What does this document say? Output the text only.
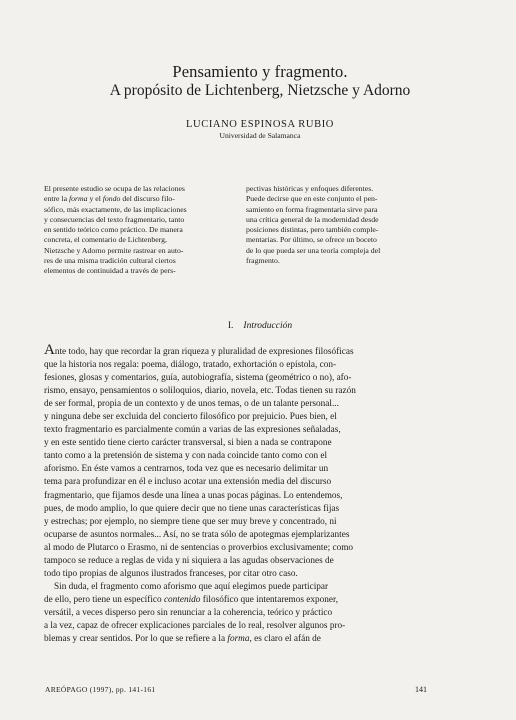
Pensamiento y fragmento.
A propósito de Lichtenberg, Nietzsche y Adorno
LUCIANO ESPINOSA RUBIO
Universidad de Salamanca

El presente estudio se ocupa de las relaciones

entre la forma y el fondo del discurso filo-

sófico, más exactamente, de las implicaciones

y consecuencias del texto fragmentario, tanto

en sentido teórico como práctico. De manera

concreta, el comentario de Lichtenberg,

Nietzsche y Adorno permite rastrear en auto-

res de una misma tradición cultural ciertos

elementos de continuidad a través de pers-

pectivas históricas y enfoques diferentes.

Puede decirse que en este conjunto el pen-

samiento en forma fragmentaria sirve para

una crítica general de la modernidad desde

posiciones distintas, pero también comple-

mentarias. Por último, se ofrece un boceto

de lo que pueda ser una teoría compleja del

fragmento.

I. Introducción

Ante todo, hay que recordar la gran riqueza y pluralidad de expresiones filosóficas

que la historia nos regala: poema, diálogo, tratado, exhortación o epístola, con-

fesiones, glosas y comentarios, guía, autobiografía, sistema (geométrico o no), afo-

rismo, ensayo, pensamientos o soliloquios, diario, novela, etc. Todas tienen su razón

de ser formal, propia de un contexto y de unos temas, o de un talante personal...

y ninguna debe ser excluida del concierto filosófico por prejuicio. Pues bien, el

texto fragmentario es parcialmente común a varias de las expresiones señaladas,

y en este sentido tiene cierto carácter transversal, si bien a nada se contrapone

tanto como a la pretensión de sistema y con nada coincide tanto como con el

aforismo. En éste vamos a centrarnos, toda vez que es necesario delimitar un

tema para profundizar en él e incluso acotar una extensión media del discurso

fragmentario, que fijamos desde una línea a unas pocas páginas. Lo entendemos,

pues, de modo amplio, lo que quiere decir que no tiene unas características fijas

y estrechas; por ejemplo, no siempre tiene que ser muy breve y concentrado, ni

ocuparse de asuntos normales... Así, no se trata sólo de apotegmas ejemplarizantes

al modo de Plutarco o Erasmo, ni de sentencias o proverbios exclusivamente; como

tampoco se reduce a reglas de vida y ni siquiera a las agudas observaciones de

todo tipo propias de algunos ilustrados franceses, por citar otro caso.

Sin duda, el fragmento como aforismo que aquí elegimos puede participar

de ello, pero tiene un específico contenido filosófico que intentaremos exponer,

versátil, a veces disperso pero sin renunciar a la coherencia, teórico y práctico

a la vez, capaz de ofrecer explicaciones parciales de lo real, resolver algunos pro-

blemas y crear sentidos. Por lo que se refiere a la forma, es claro el afán de

AREÓPAGO (1997), pp. 141-161	141
